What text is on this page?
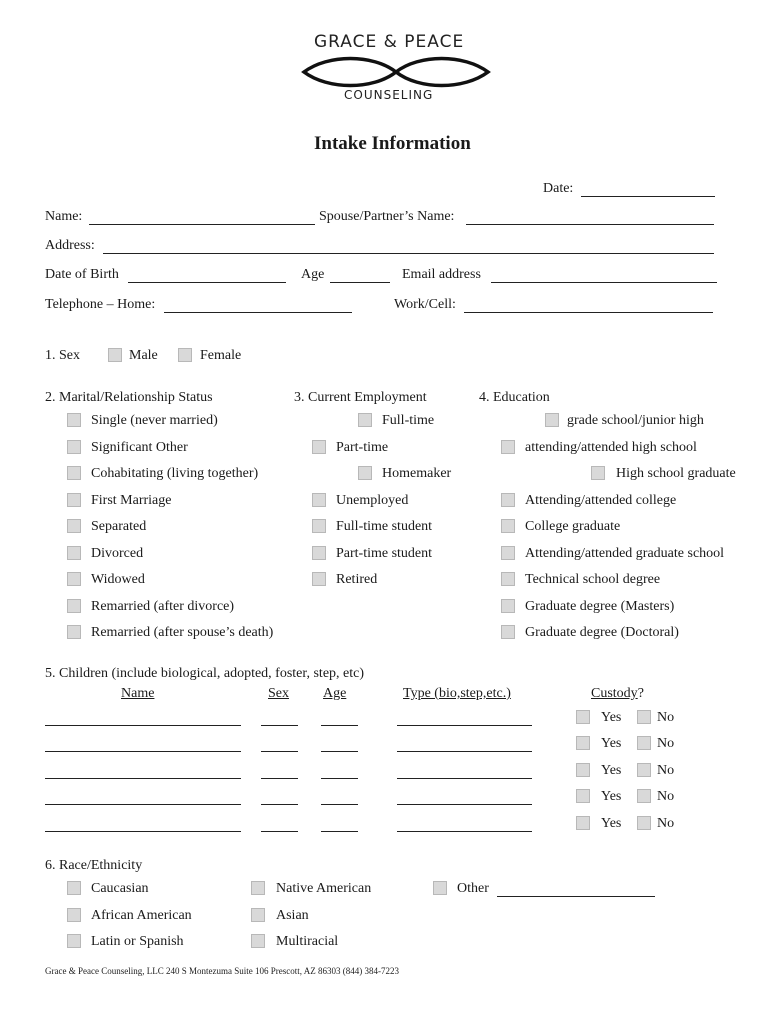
GRACE & PEACE
COUNSELING
Intake Information
Date:
Name:	Spouse/Partner’s Name:
Address:
Date of Birth	Age	Email address
Telephone – Home:	Work/Cell:
1. Sex	Male	Female
2. Marital/Relationship Status	3. Current Employment	4. Education
Single (never married)
Significant Other
Cohabitating (living together)
First Marriage
Separated
Divorced
Widowed
Remarried (after divorce)
Remarried (after spouse’s death)
Full-time
Part-time
Homemaker
Unemployed
Full-time student
Part-time student
Retired
grade school/junior high
attending/attended high school
High school graduate
Attending/attended college
College graduate
Attending/attended graduate school
Technical school degree
Graduate degree (Masters)
Graduate degree (Doctoral)
5. Children (include biological, adopted, foster, step, etc)
Name	Sex Age	Type (bio,step,etc.)	Custody?
Yes	No
Yes	No
Yes	No
Yes	No
Yes	No
6. Race/Ethnicity
Caucasian	Native American	Other
African American	Asian
Latin or Spanish	Multiracial
Grace & Peace Counseling, LLC 240 S Montezuma Suite 106 Prescott, AZ 86303 (844) 384-7223
